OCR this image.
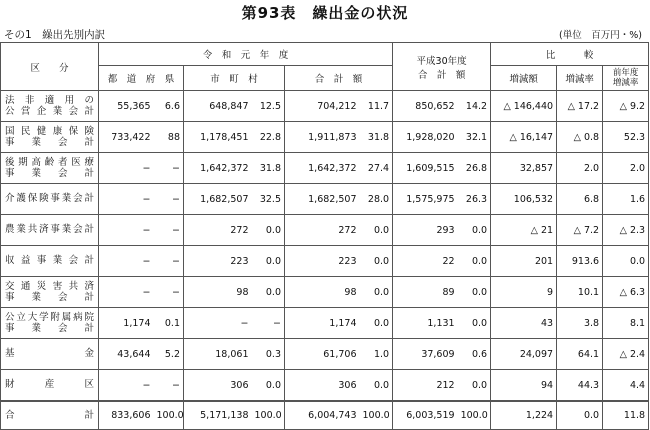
第93表　繰出金の状況
その1　繰出先別内訳	(単位　百万円・%)
区　　分	令　和　元　年　度						平成30年度
合　計　額		比　　　較		
	都　道　府　県		市　町　村		合　計　額				増減額	増減率	前年度
増減率

法非適用の
公営企業会計	55,365	6.6	648,847	12.5	704,212	11.7	850,652	14.2	△ 146,440	△ 17.2	△ 9.2

国民健康保険
事業会計	733,422	88	1,178,451	22.8	1,911,873	31.8	1,928,020	32.1	△ 16,147	△ 0.8	52.3

後期高齢者医療
事業会計	−	−	1,642,372	31.8	1,642,372	27.4	1,609,515	26.8	32,857	2.0	2.0
介護保険事業会計	−	−	1,682,507	32.5	1,682,507	28.0	1,575,975	26.3	106,532	6.8	1.6
農業共済事業会計	−	−	272	0.0	272	0.0	293	0.0	△ 21	△ 7.2	△ 2.3
収益事業会計	−	−	223	0.0	223	0.0	22	0.0	201	913.6	0.0

交通災害共済
事業会計	−	−	98	0.0	98	0.0	89	0.0	9	10.1	△ 6.3

公立大学附属病院
事業会計	1,174	0.1	−	−	1,174	0.0	1,131	0.0	43	3.8	8.1
基　　　金	43,644	5.2	18,061	0.3	61,706	1.0	37,609	0.6	24,097	64.1	△ 2.4
財　産　区	−	−	306	0.0	306	0.0	212	0.0	94	44.3	4.4
合　　計	833,606	100.0	5,171,138	100.0	6,004,743	100.0	6,003,519	100.0	1,224	0.0	11.8
